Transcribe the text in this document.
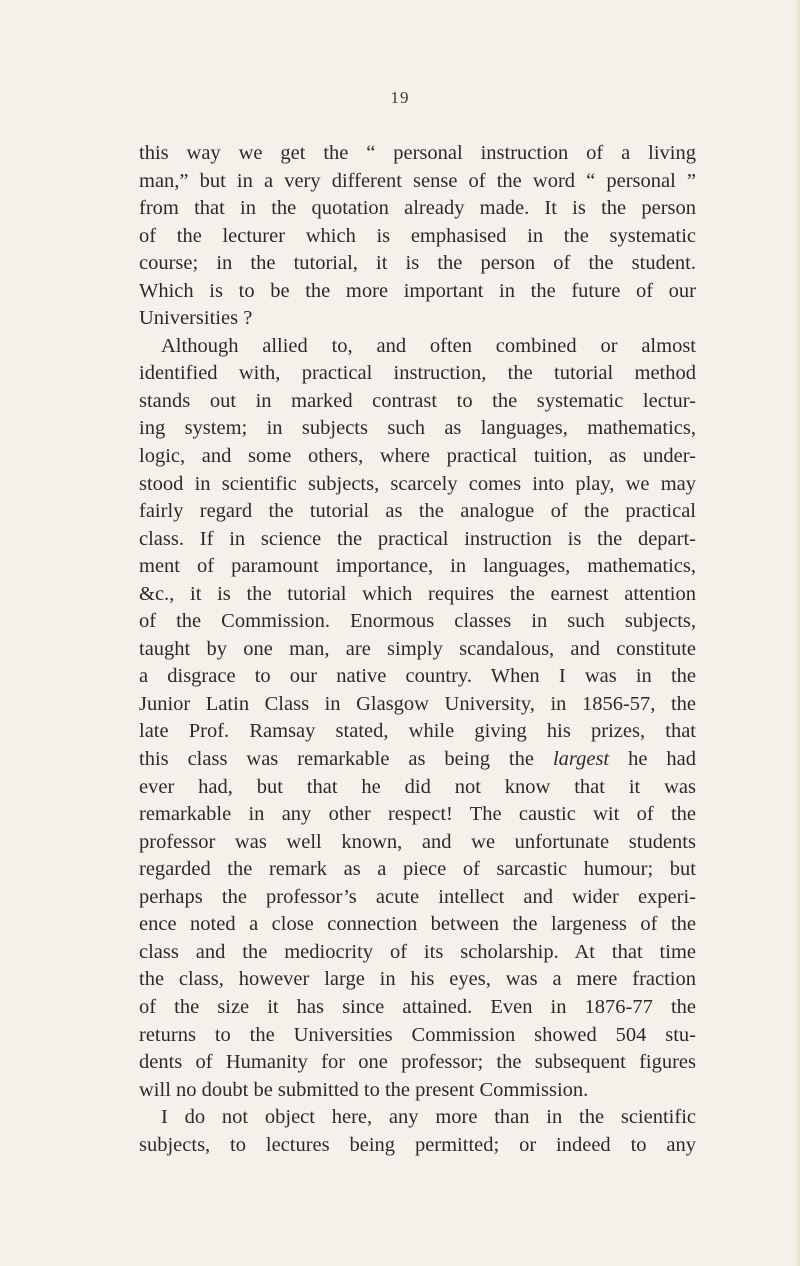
19
this way we get the “ personal instruction of a living
man,” but in a very different sense of the word “ personal ”
from that in the quotation already made. It is the person
of the lecturer which is emphasised in the systematic
course; in the tutorial, it is the person of the student.
Which is to be the more important in the future of our
Universities ?
Although allied to, and often combined or almost
identified with, practical instruction, the tutorial method
stands out in marked contrast to the systematic lectur-
ing system; in subjects such as languages, mathematics,
logic, and some others, where practical tuition, as under-
stood in scientific subjects, scarcely comes into play, we may
fairly regard the tutorial as the analogue of the practical
class. If in science the practical instruction is the depart-
ment of paramount importance, in languages, mathematics,
&c., it is the tutorial which requires the earnest attention
of the Commission. Enormous classes in such subjects,
taught by one man, are simply scandalous, and constitute
a disgrace to our native country. When I was in the
Junior Latin Class in Glasgow University, in 1856-57, the
late Prof. Ramsay stated, while giving his prizes, that
this class was remarkable as being the largest he had
ever had, but that he did not know that it was
remarkable in any other respect! The caustic wit of the
professor was well known, and we unfortunate students
regarded the remark as a piece of sarcastic humour; but
perhaps the professor’s acute intellect and wider experi-
ence noted a close connection between the largeness of the
class and the mediocrity of its scholarship. At that time
the class, however large in his eyes, was a mere fraction
of the size it has since attained. Even in 1876-77 the
returns to the Universities Commission showed 504 stu-
dents of Humanity for one professor; the subsequent figures
will no doubt be submitted to the present Commission.
I do not object here, any more than in the scientific
subjects, to lectures being permitted; or indeed to any
